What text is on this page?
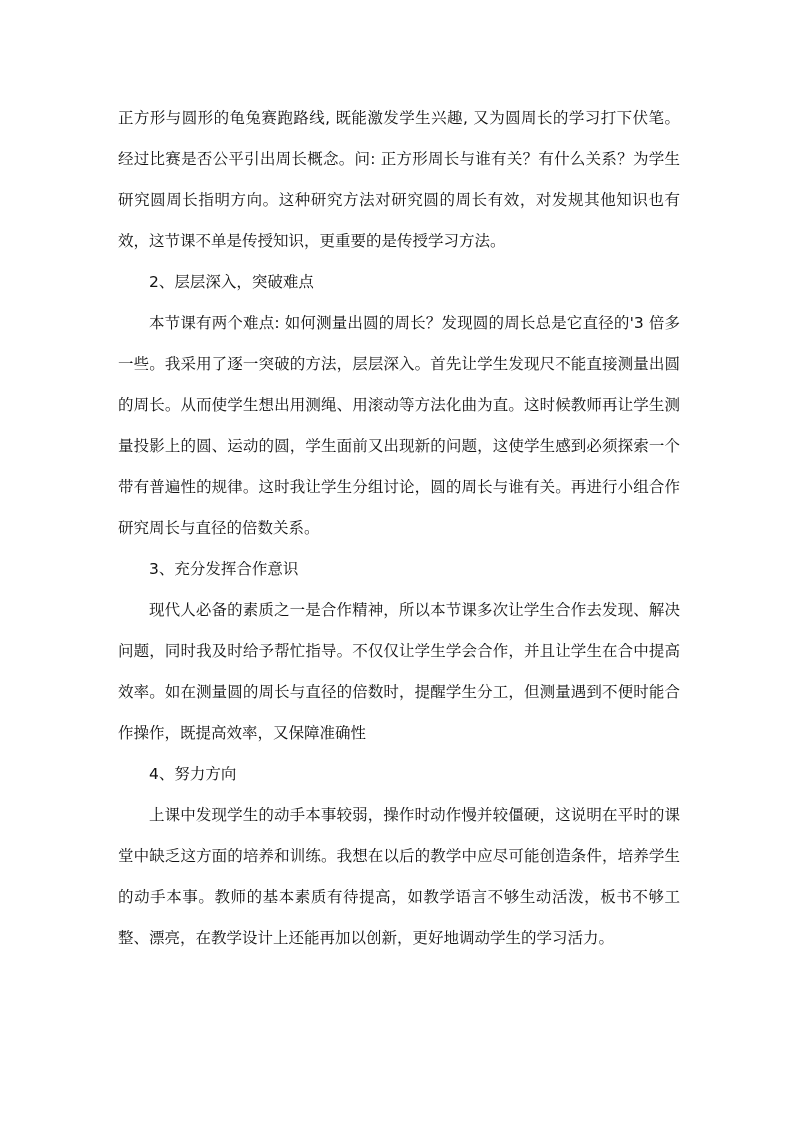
正方形与圆形的龟兔赛跑路线, 既能激发学生兴趣, 又为圆周长的学习打下伏笔。经过比赛是否公平引出周长概念。问: 正方形周长与谁有关？有什么关系？为学生研究圆周长指明方向。这种研究方法对研究圆的周长有效，对发规其他知识也有效，这节课不单是传授知识，更重要的是传授学习方法。

2、层层深入，突破难点

本节课有两个难点: 如何测量出圆的周长？发现圆的周长总是它直径的'3 倍多一些。我采用了逐一突破的方法，层层深入。首先让学生发现尺不能直接测量出圆的周长。从而使学生想出用测绳、用滚动等方法化曲为直。这时候教师再让学生测量投影上的圆、运动的圆，学生面前又出现新的问题，这使学生感到必须探索一个带有普遍性的规律。这时我让学生分组讨论，圆的周长与谁有关。再进行小组合作研究周长与直径的倍数关系。

3、充分发挥合作意识

现代人必备的素质之一是合作精神，所以本节课多次让学生合作去发现、解决问题，同时我及时给予帮忙指导。不仅仅让学生学会合作，并且让学生在合中提高效率。如在测量圆的周长与直径的倍数时，提醒学生分工，但测量遇到不便时能合作操作，既提高效率，又保障准确性

4、努力方向

上课中发现学生的动手本事较弱，操作时动作慢并较僵硬，这说明在平时的课堂中缺乏这方面的培养和训练。我想在以后的教学中应尽可能创造条件，培养学生的动手本事。教师的基本素质有待提高，如教学语言不够生动活泼，板书不够工整、漂亮，在教学设计上还能再加以创新，更好地调动学生的学习活力。
